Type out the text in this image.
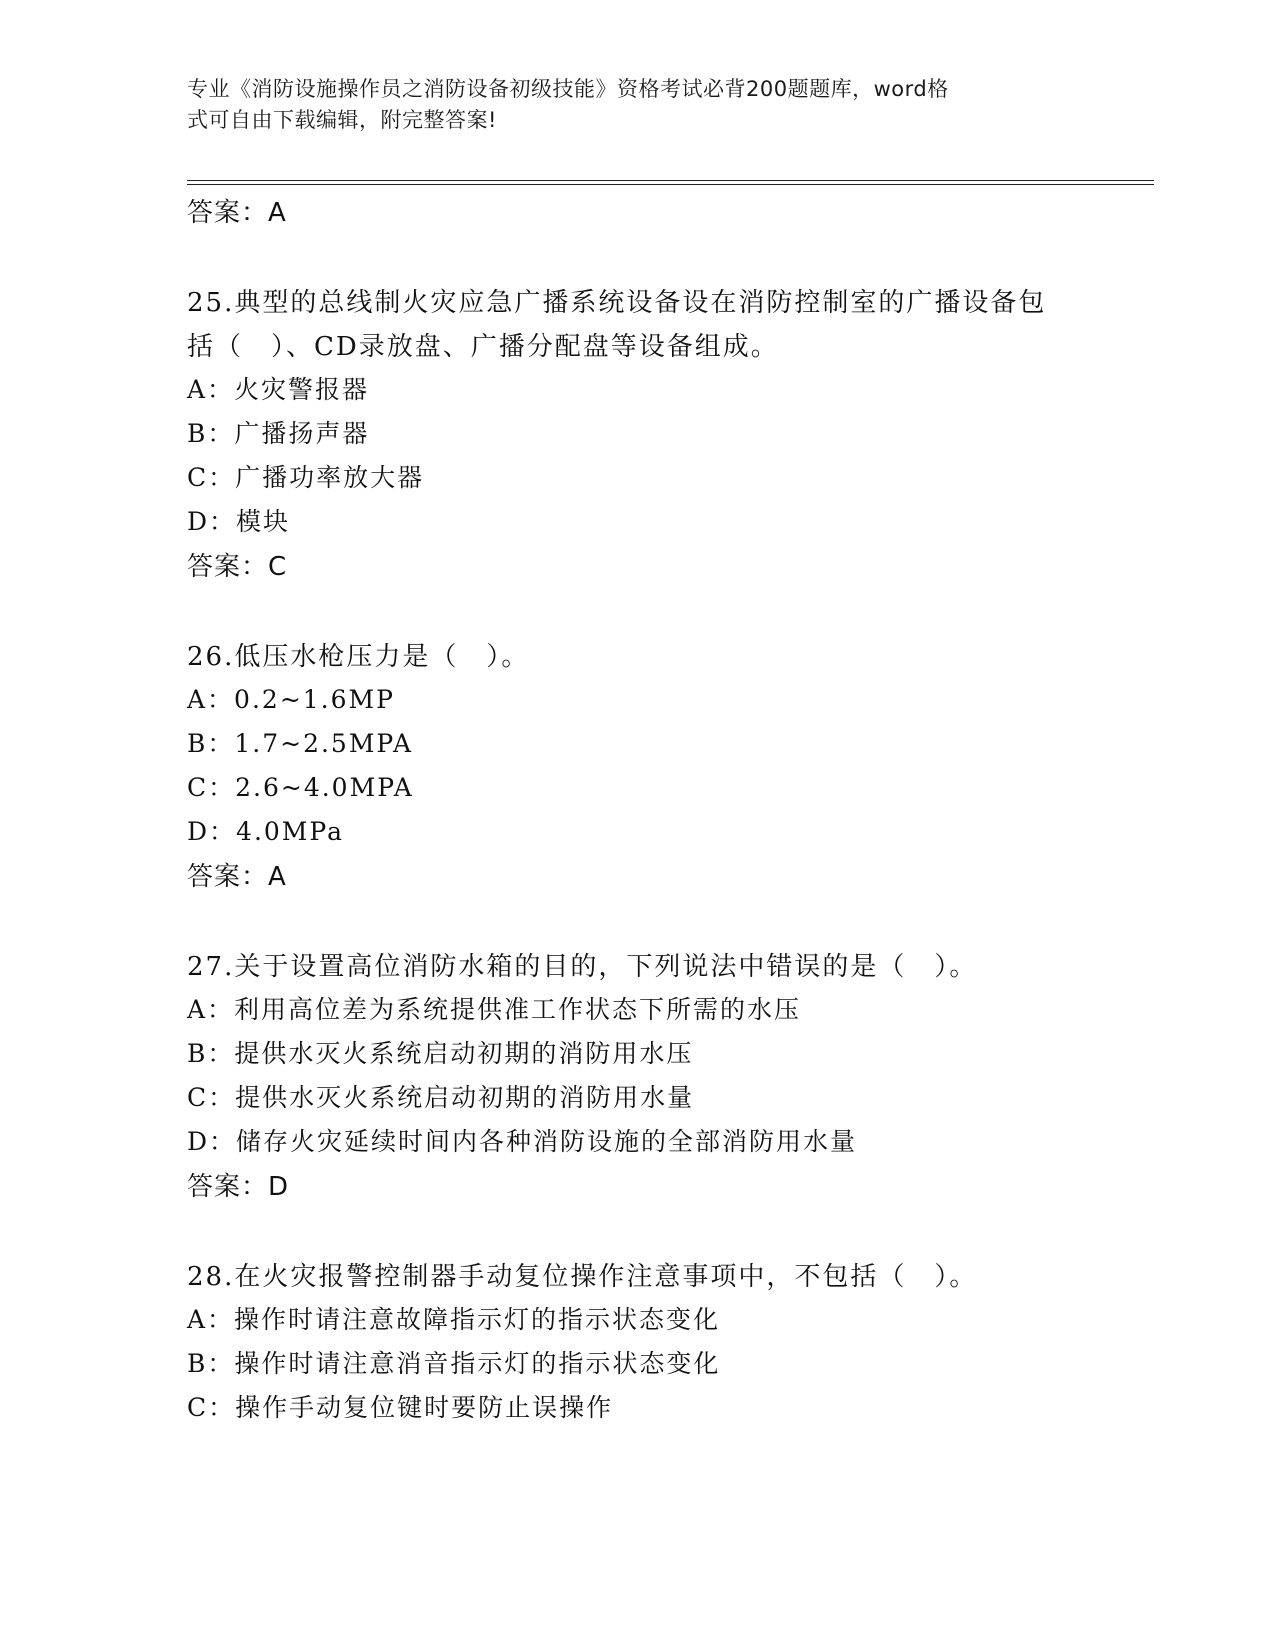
专业《消防设施操作员之消防设备初级技能》资格考试必背200题题库，word格
式可自由下载编辑，附完整答案!
答案：A
25.典型的总线制火灾应急广播系统设备设在消防控制室的广播设备包
括（　）、CD录放盘、广播分配盘等设备组成。
A：火灾警报器
B：广播扬声器
C：广播功率放大器
D：模块
答案：C
26.低压水枪压力是（　）。
A：0.2~1.6MP
B：1.7~2.5MPA
C：2.6~4.0MPA
D：4.0MPa
答案：A
27.关于设置高位消防水箱的目的，下列说法中错误的是（　）。
A：利用高位差为系统提供准工作状态下所需的水压
B：提供水灭火系统启动初期的消防用水压
C：提供水灭火系统启动初期的消防用水量
D：储存火灾延续时间内各种消防设施的全部消防用水量
答案：D
28.在火灾报警控制器手动复位操作注意事项中，不包括（　）。
A：操作时请注意故障指示灯的指示状态变化
B：操作时请注意消音指示灯的指示状态变化
C：操作手动复位键时要防止误操作
